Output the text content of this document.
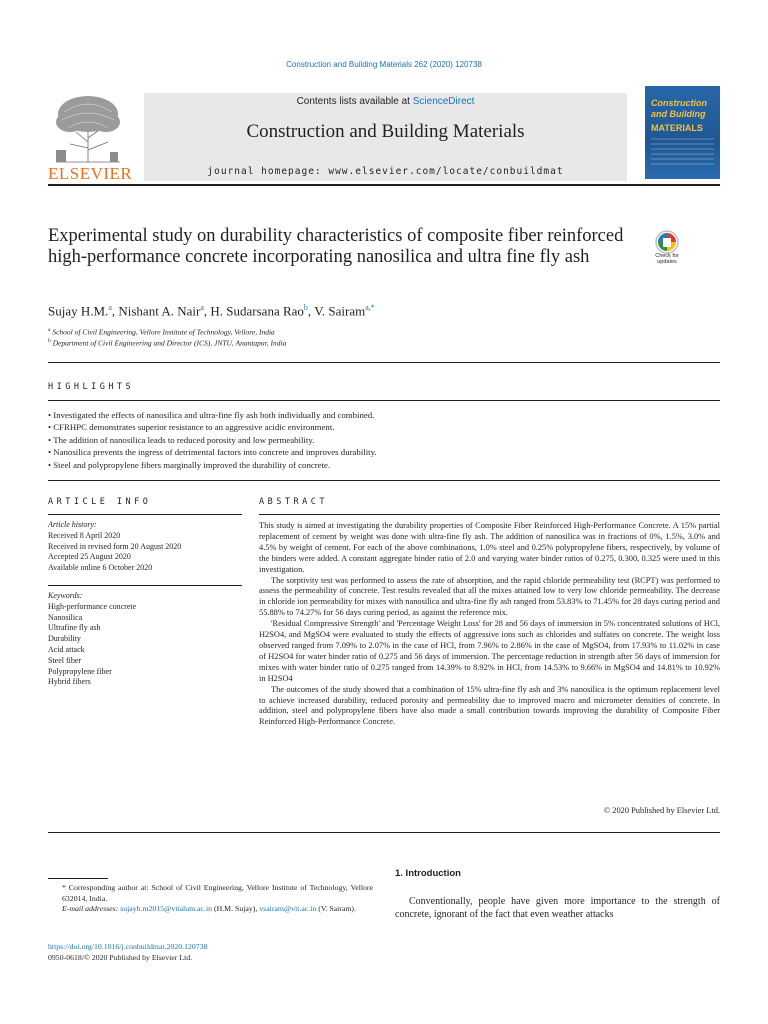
Construction and Building Materials 262 (2020) 120738
ELSEVIER
Contents lists available at ScienceDirect
Construction and Building Materials
journal homepage: www.elsevier.com/locate/conbuildmat
Construction
and Building
MATERIALS
Experimental study on durability characteristics of composite fiber reinforced high-performance concrete incorporating nanosilica and ultra fine fly ash	Check for updates
Sujay H.M.$^a$, Nishant A. Nair$^a$, H. Sudarsana Rao$^b$, V. Sairam$^{a,*}$
$^a$ School of Civil Engineering, Vellore Institute of Technology, Vellore, India
$^b$ Department of Civil Engineering and Director (ICS), JNTU, Anantapur, India
HIGHLIGHTS
• Investigated the effects of nanosilica and ultra-fine fly ash both individually and combined.
• CFRHPC demonstrates superior resistance to an aggressive acidic environment.
• The addition of nanosilica leads to reduced porosity and low permeability.
• Nanosilica prevents the ingress of detrimental factors into concrete and improves durability.
• Steel and polypropylene fibers marginally improved the durability of concrete.
ARTICLE INFO
Article history:
Received 8 April 2020
Received in revised form 20 August 2020
Accepted 25 August 2020
Available online 6 October 2020
Keywords:
High-performance concrete
Nanosilica
Ultrafine fly ash
Durability
Acid attack
Steel fiber
Polypropylene fiber
Hybrid fibers
ABSTRACT

This study is aimed at investigating the durability properties of Composite Fiber Reinforced High-Performance Concrete. A 15% partial replacement of cement by weight was done with ultra-fine fly ash. The addition of nanosilica was in fractions of 0%, 1.5%, 3.0% and 4.5% by weight of cement. For each of the above combinations, 1.0% steel and 0.25% polypropylene fibers, respectively, by volume of the binders were added. A constant aggregate binder ratio of 2.0 and varying water binder ratios of 0.275, 0.300, 0.325 were used in this investigation.

The sorptivity test was performed to assess the rate of absorption, and the rapid chloride permeability test (RCPT) was performed to assess the permeability of concrete. Test results revealed that all the mixes attained low to very low chloride permeability. The decrease in chloride ion permeability for mixes with nanosilica and ultra-fine fly ash ranged from 53.83% to 71.45% for 28 days curing period and 55.88% to 74.27% for 56 days curing period, as against the reference mix.

'Residual Compressive Strength' and 'Percentage Weight Loss' for 28 and 56 days of immersion in 5% concentrated solutions of HCl, H2SO4, and MgSO4 were evaluated to study the effects of aggressive ions such as chlorides and sulfates on concrete. The weight loss observed ranged from 7.09% to 2.07% in the case of HCl, from 7.96% to 2.86% in the case of MgSO4, from 17.93% to 11.02% in case of H2SO4 for water binder ratio of 0.275 and 56 days of immersion. The percentage reduction in strength after 56 days of immersion for mixes with water binder ratio of 0.275 ranged from 14.39% to 8.92% in HCl, from 14.53% to 9.66% in MgSO4 and 14.81% to 10.92% in H2SO4

The outcomes of the study showed that a combination of 15% ultra-fine fly ash and 3% nanosilica is the optimum replacement level to achieve increased durability, reduced porosity and permeability due to improved macro and micrometer densities of concrete. In addition, steel and polypropylene fibers have also made a small contribution towards improving the durability of Composite Fiber Reinforced High-Performance Concrete.

© 2020 Published by Elsevier Ltd.
* Corresponding author at: School of Civil Engineering, Vellore Institute of Technology, Vellore 632014, India.
E-mail addresses: sujayh.m2015@vitalum.ac.in (H.M. Sujay), vsairam@vit.ac.in (V. Sairam).
https://doi.org/10.1016/j.conbuildmat.2020.120738
0950-0618/© 2020 Published by Elsevier Ltd.
1. Introduction
Conventionally, people have given more importance to the strength of concrete, ignorant of the fact that even weather attacks
